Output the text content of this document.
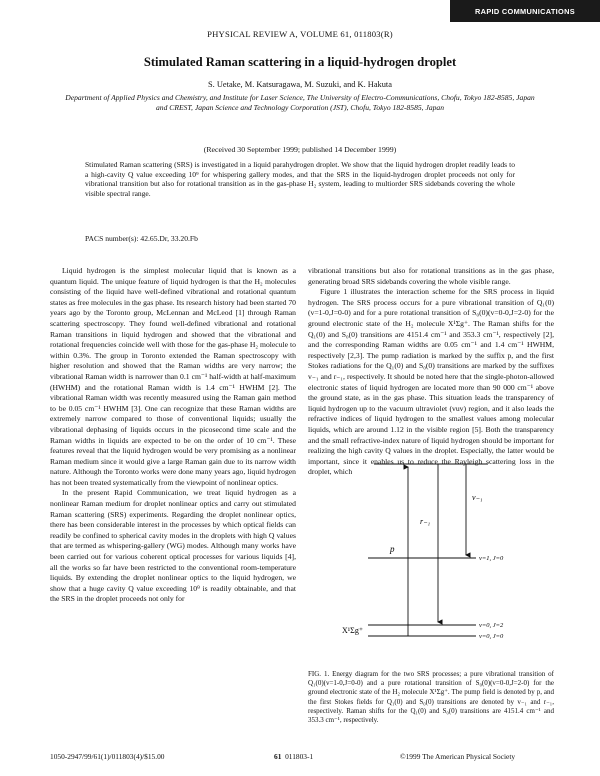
RAPID COMMUNICATIONS
PHYSICAL REVIEW A, VOLUME 61, 011803(R)
Stimulated Raman scattering in a liquid-hydrogen droplet
S. Uetake, M. Katsuragawa, M. Suzuki, and K. Hakuta
Department of Applied Physics and Chemistry, and Institute for Laser Science, The University of Electro-Communications, Chofu, Tokyo 182-8585, Japan
and CREST, Japan Science and Technology Corporation (JST), Chofu, Tokyo 182-8585, Japan
(Received 30 September 1999; published 14 December 1999)
Stimulated Raman scattering (SRS) is investigated in a liquid parahydrogen droplet. We show that the liquid hydrogen droplet readily leads to a high-cavity Q value exceeding 10⁹ for whispering gallery modes, and that the SRS in the liquid-hydrogen droplet proceeds not only for vibrational transition but also for rotational transition as in the gas-phase H₂ system, leading to multiorder SRS sidebands covering the whole visible spectral range.
PACS number(s): 42.65.Dr, 33.20.Fb

Liquid hydrogen is the simplest molecular liquid that is known as a quantum liquid. The unique feature of liquid hydrogen is that the H₂ molecules consisting of the liquid have well-defined vibrational and rotational quantum states as free molecules in the gas phase. Its research history had been started 70 years ago by the Toronto group, McLennan and McLeod [1] through Raman scattering spectroscopy. They found well-defined vibrational and rotational Raman transitions in liquid hydrogen and showed that the vibrational and rotational frequencies coincide well with those for the gas-phase H₂ molecule to within 0.3%. The group in Toronto extended the Raman spectroscopy with higher resolution and showed that the Raman widths are very narrow; the vibrational Raman width is narrower than 0.1 cm⁻¹ half-width at half-maximum (HWHM) and the rotational Raman width is 1.4 cm⁻¹ HWHM [2]. The vibrational Raman width was recently measured using the Raman gain method to be 0.05 cm⁻¹ HWHM [3]. One can recognize that these Raman widths are extremely narrow compared to those of conventional liquids; usually the vibrational dephasing of liquids occurs in the picosecond time scale and the Raman widths in liquids are expected to be on the order of 10 cm⁻¹. These features reveal that the liquid hydrogen would be very promising as a nonlinear Raman medium since it would give a large Raman gain due to its narrow width nature. Although the Toronto works were done many years ago, liquid hydrogen has not been treated systematically from the viewpoint of nonlinear optics.

In the present Rapid Communication, we treat liquid hydrogen as a nonlinear Raman medium for droplet nonlinear optics and carry out stimulated Raman scattering (SRS) experiments. Regarding the droplet nonlinear optics, there has been considerable interest in the processes by which optical fields can readily be confined to spherical cavity modes in the droplets with high Q values that are termed as whispering-gallery (WG) modes. Although many works have been carried out for various coherent optical processes for various liquids [4], all the works so far have been restricted to the conventional room-temperature liquids. By extending the droplet nonlinear optics to the liquid hydrogen, we show that a huge cavity Q value exceeding 10⁹ is readily obtainable, and that the SRS in the droplet proceeds not only for

vibrational transitions but also for rotational transitions as in the gas phase, generating broad SRS sidebands covering the whole visible range.

Figure 1 illustrates the interaction scheme for the SRS process in liquid hydrogen. The SRS process occurs for a pure vibrational transition of Q₁(0)(v=1-0,J=0-0) and for a pure rotational transition of S₀(0)(v=0-0,J=2-0) for the ground electronic state of the H₂ molecule X¹Σg⁺. The Raman shifts for the Q₁(0) and S₀(0) transitions are 4151.4 cm⁻¹ and 353.3 cm⁻¹, respectively [2], and the corresponding Raman widths are 0.05 cm⁻¹ and 1.4 cm⁻¹ HWHM, respectively [2,3]. The pump radiation is marked by the suffix p, and the first Stokes radiations for the Q₁(0) and S₀(0) transitions are marked by the suffixes v₋₁ and r₋₁, respectively. It should be noted here that the single-photon-allowed electronic states of liquid hydrogen are located more than 90 000 cm⁻¹ above the ground state, as in the gas phase. This situation leads the transparency of liquid hydrogen up to the vacuum ultraviolet (vuv) region, and it also leads the refractive indices of liquid hydrogen to the smallest values among molecular liquids, which are around 1.12 in the visible region [5]. Both the transparency and the small refractive-index nature of liquid hydrogen should be important for realizing the high cavity Q values in the droplet. Especially, the latter would be important, since it enables us to reduce the Rayleigh scattering loss in the droplet, which

p
r₋₁
v₋₁
v=1, J=0
v=0, J=2
v=0, J=0
X¹Σg⁺
FIG. 1. Energy diagram for the two SRS processes; a pure vibrational transition of Q₁(0)(v=1-0,J=0-0) and a pure rotational transition of S₀(0)(v=0-0,J=2-0) for the ground electronic state of the H₂ molecule X¹Σg⁺. The pump field is denoted by p, and the first Stokes fields for Q₁(0) and S₀(0) transitions are denoted by v₋₁ and r₋₁, respectively. Raman shifts for the Q₁(0) and S₀(0) transitions are 4151.4 cm⁻¹ and 353.3 cm⁻¹, respectively.
1050-2947/99/61(1)/011803(4)/$15.00	61 011803-1	©1999 The American Physical Society
